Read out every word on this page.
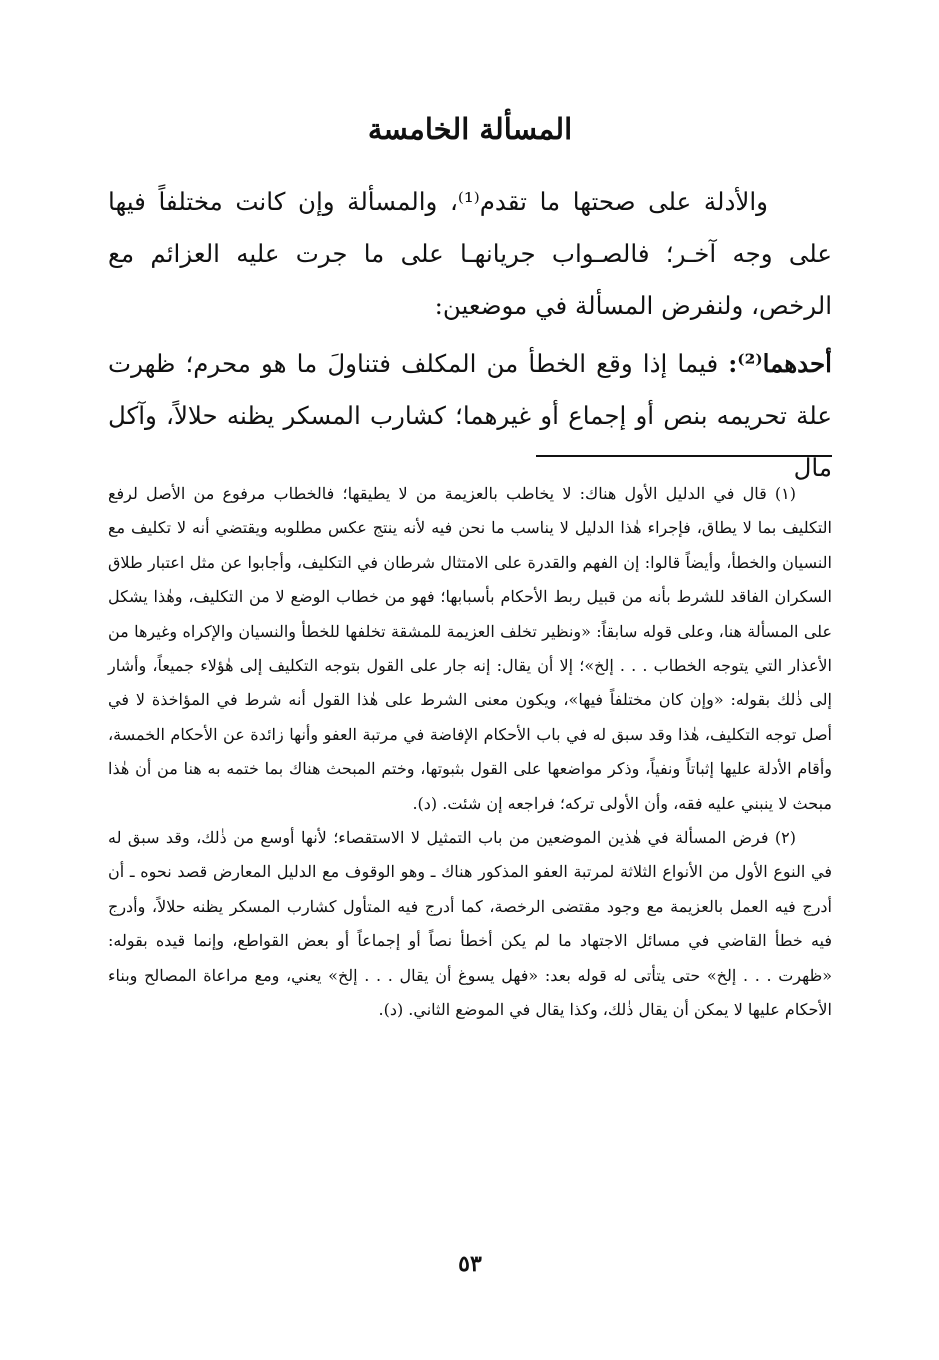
المسألة الخامسة

والأدلة على صحتها ما تقدم⁽¹⁾، والمسألة وإن كانت مختلفاً فيها على وجه آخـر؛ فالصـواب جريانهـا على ما جرت عليه العزائم مع الرخص، ولنفرض المسألة في موضعين:

أحدهما⁽²⁾: فيما إذا وقع الخطأ من المكلف فتناولَ ما هو محرم؛ ظهرت علة تحريمه بنص أو إجماع أو غيرهما؛ كشارب المسكر يظنه حلالاً، وآكل مال

(١) قال في الدليل الأول هناك: لا يخاطب بالعزيمة من لا يطيقها؛ فالخطاب مرفوع من الأصل لرفع التكليف بما لا يطاق، فإجراء هٰذا الدليل لا يناسب ما نحن فيه لأنه ينتج عكس مطلوبه ويقتضي أنه لا تكليف مع النسيان والخطأ، وأيضاً قالوا: إن الفهم والقدرة على الامتثال شرطان في التكليف، وأجابوا عن مثل اعتبار طلاق السكران الفاقد للشرط بأنه من قبيل ربط الأحكام بأسبابها؛ فهو من خطاب الوضع لا من التكليف، وهٰذا يشكل على المسألة هنا، وعلى قوله سابقاً: «ونظير تخلف العزيمة للمشقة تخلفها للخطأ والنسيان والإكراه وغيرها من الأعذار التي يتوجه الخطاب . . . إلخ»؛ إلا أن يقال: إنه جار على القول بتوجه التكليف إلى هٰؤلاء جميعاً، وأشار إلى ذٰلك بقوله: «وإن كان مختلفاً فيها»، ويكون معنى الشرط على هٰذا القول أنه شرط في المؤاخذة لا في أصل توجه التكليف، هٰذا وقد سبق له في باب الأحكام الإفاضة في مرتبة العفو وأنها زائدة عن الأحكام الخمسة، وأقام الأدلة عليها إثباتاً ونفياً، وذكر مواضعها على القول بثبوتها، وختم المبحث هناك بما ختمه به هنا من أن هٰذا مبحث لا ينبني عليه فقه، وأن الأولى تركه؛ فراجعه إن شئت. (د).

(٢) فرض المسألة في هٰذين الموضعين من باب التمثيل لا الاستقصاء؛ لأنها أوسع من ذٰلك، وقد سبق له في النوع الأول من الأنواع الثلاثة لمرتبة العفو المذكور هناك ـ وهو الوقوف مع الدليل المعارض قصد نحوه ـ أن أدرج فيه العمل بالعزيمة مع وجود مقتضى الرخصة، كما أدرج فيه المتأول كشارب المسكر يظنه حلالاً، وأدرج فيه خطأ القاضي في مسائل الاجتهاد ما لم يكن أخطأ نصاً أو إجماعاً أو بعض القواطع، وإنما قيده بقوله: «ظهرت . . . إلخ» حتى يتأتى له قوله بعد: «فهل يسوغ أن يقال . . . إلخ» يعني، ومع مراعاة المصالح وبناء الأحكام عليها لا يمكن أن يقال ذٰلك، وكذا يقال في الموضع الثاني. (د).

٥٣
